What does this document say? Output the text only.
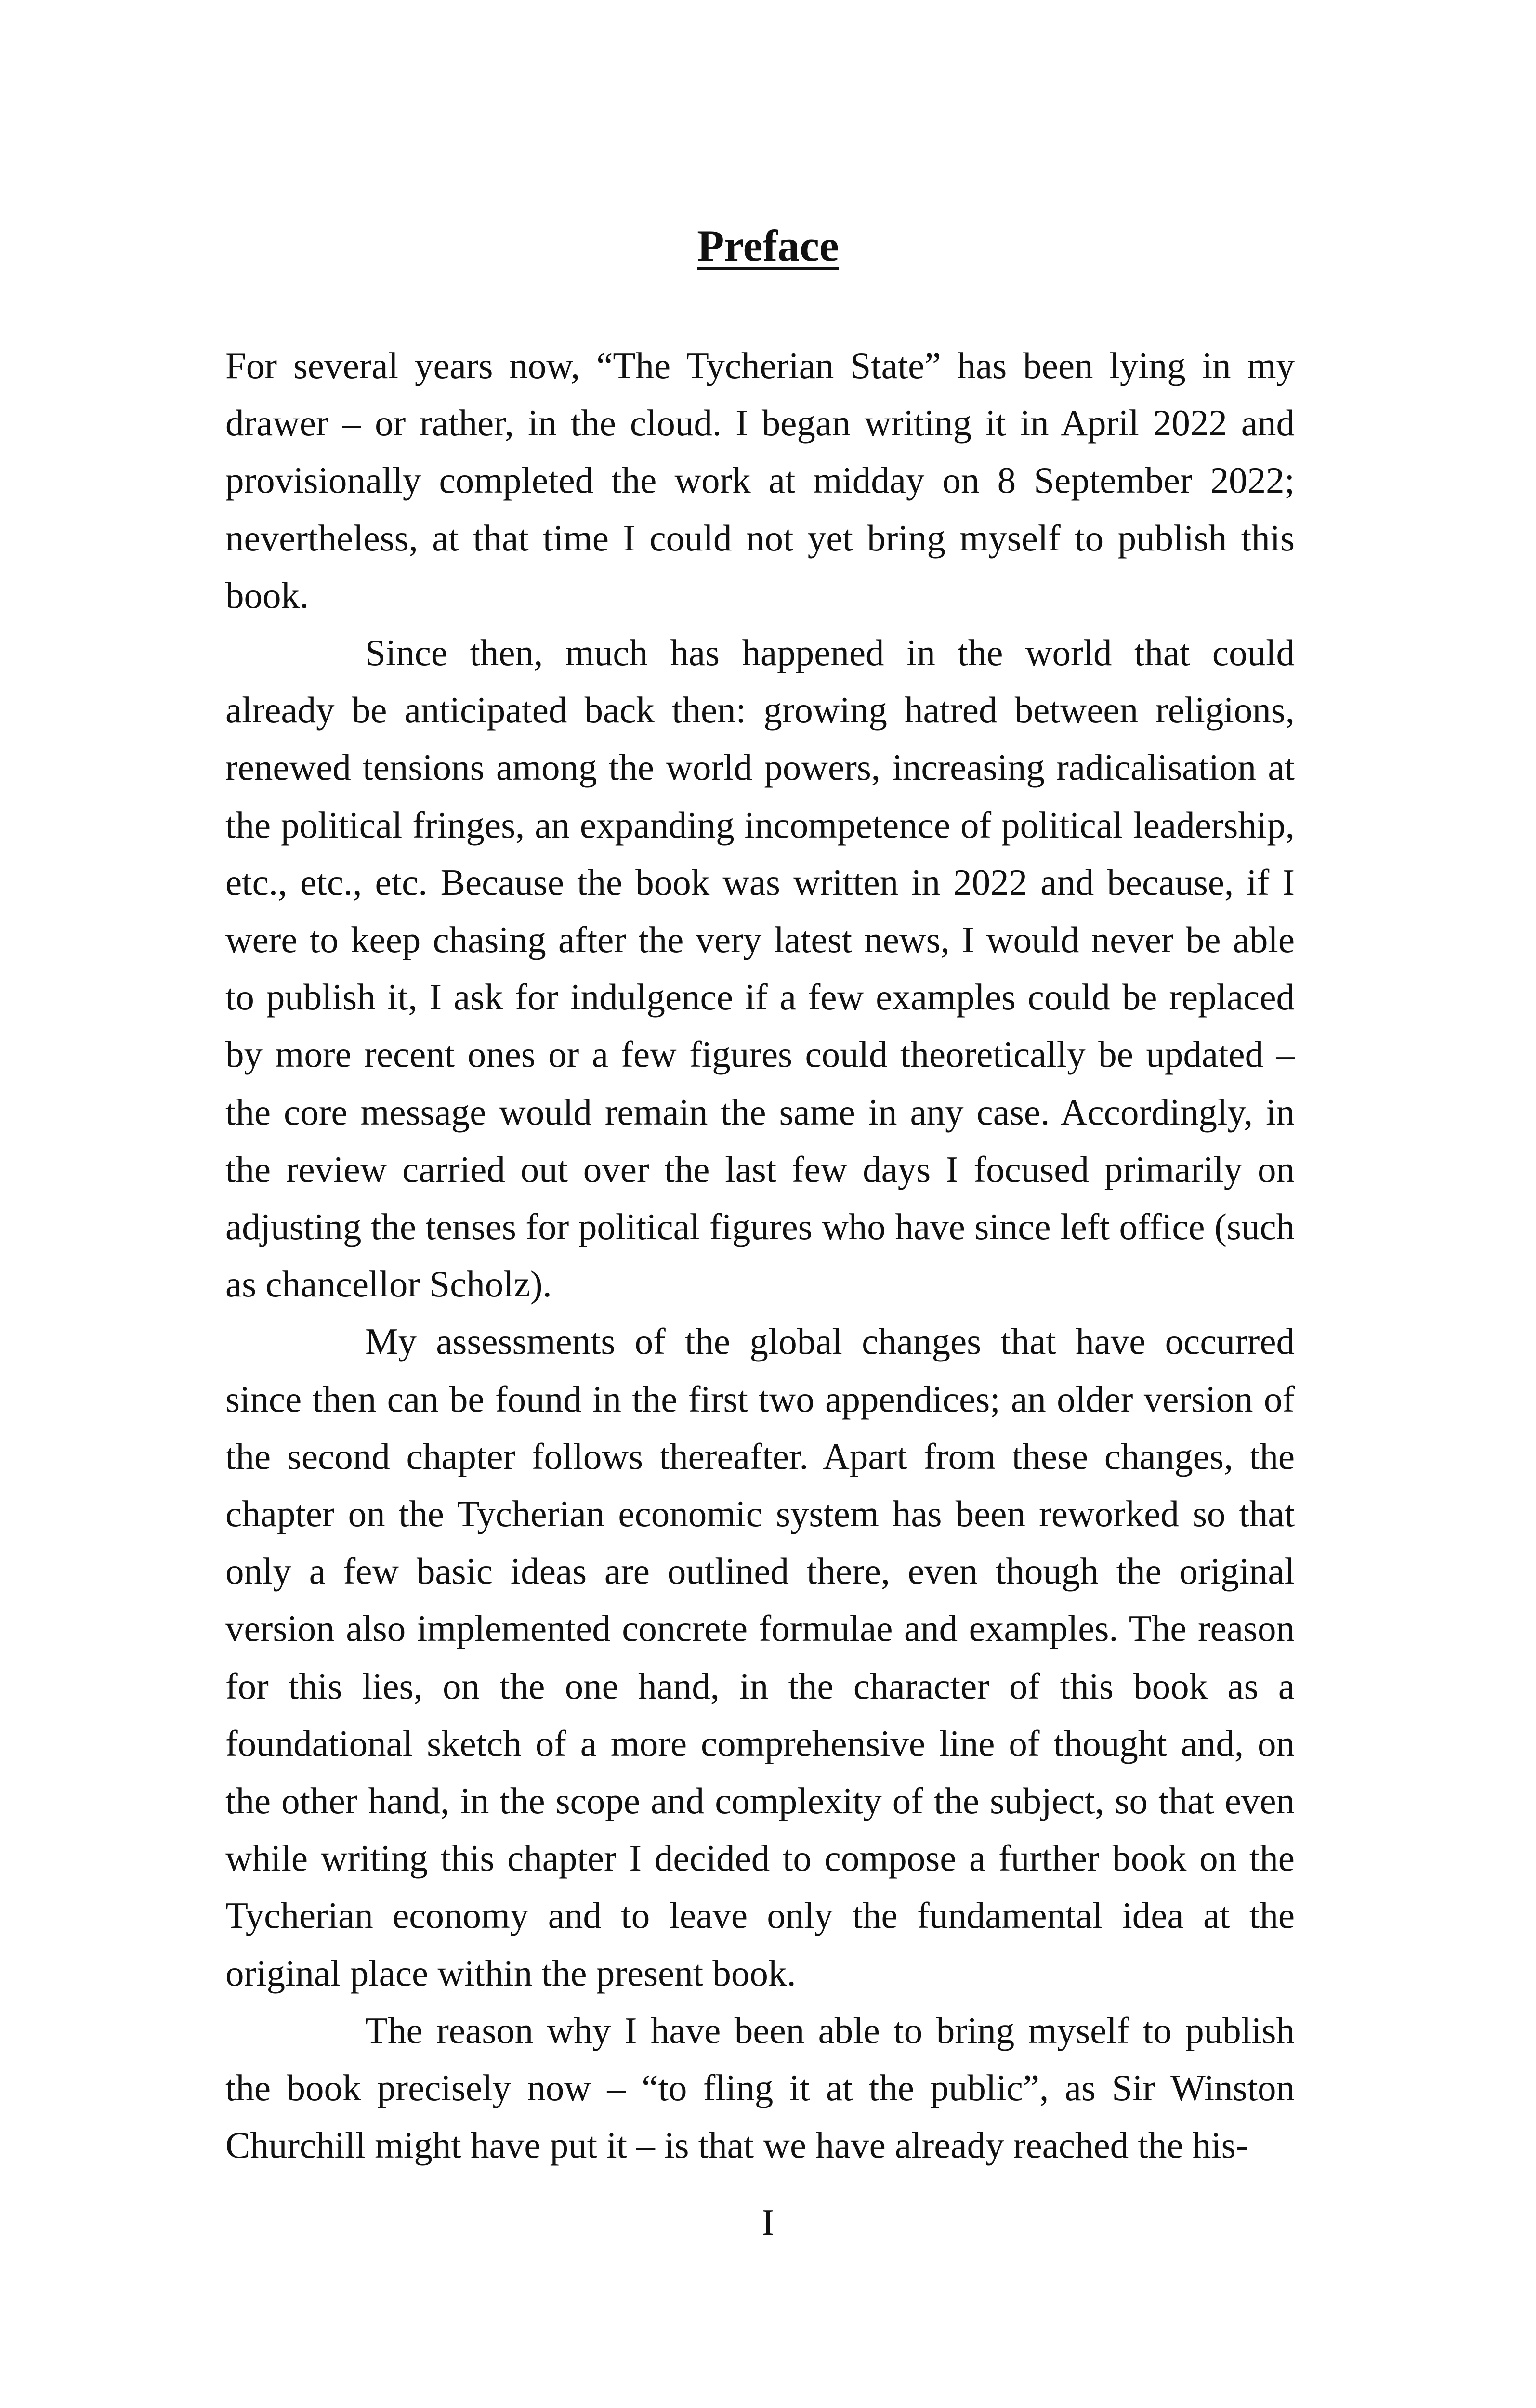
Preface

For several years now, “The Tycherian State” has been lying in my drawer – or rather, in the cloud. I began writing it in April 2022 and provisionally completed the work at midday on 8 September 2022; nevertheless, at that time I could not yet bring myself to publish this book.

Since then, much has happened in the world that could already be anticipated back then: growing hatred between religions, renewed tensions among the world powers, increasing radicalisation at the political fringes, an expanding incompetence of political leadership, etc., etc., etc. Because the book was written in 2022 and because, if I were to keep chasing after the very latest news, I would never be able to publish it, I ask for indulgence if a few examples could be replaced by more recent ones or a few figures could theoretically be updated – the core message would remain the same in any case. Accordingly, in the review carried out over the last few days I focused primarily on adjusting the tenses for political figures who have since left office (such as chancellor Scholz).

My assessments of the global changes that have occurred since then can be found in the first two appendices; an older version of the second chapter follows thereafter. Apart from these changes, the chapter on the Tycherian economic system has been reworked so that only a few basic ideas are outlined there, even though the original version also implemented concrete formulae and examples. The reason for this lies, on the one hand, in the character of this book as a foundational sketch of a more comprehensive line of thought and, on the other hand, in the scope and complexity of the subject, so that even while writing this chapter I decided to compose a further book on the Tycherian economy and to leave only the fundamental idea at the original place within the present book.

The reason why I have been able to bring myself to publish the book precisely now – “to fling it at the public”, as Sir Winston Churchill might have put it – is that we have already reached the his-

I
